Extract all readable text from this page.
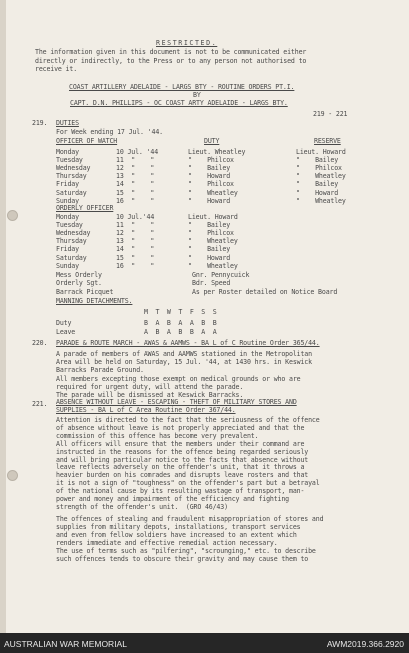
RESTRICTED.
The information given in this document is not to be communicated either
directly or indirectly, to the Press or to any person not authorised to
receive it.
COAST ARTILLERY ADELAIDE - LARGS BTY - ROUTINE ORDERS PT.I.
BY
CAPT. D.N. PHILLIPS - OC COAST ARTY ADELAIDE - LARGS BTY.
219 - 221
219. DUTIES
For Week ending 17 Jul. '44.
OFFICER OF WATCH	DUTY	RESERVE
Monday	10 Jul. '44	Lieut. Wheatley	Lieut. Howard
Tuesday	11  "    "	"    Philcox	"    Bailey
Wednesday	12  "    "	"    Bailey	"    Philcox
Thursday	13  "    "	"    Howard	"    Wheatley
Friday	14  "    "	"    Philcox	"    Bailey
Saturday	15  "    "	"    Wheatley	"    Howard
Sunday	16  "    "	"    Howard	"    Wheatley
ORDERLY OFFICER
Monday	10 Jul.'44	Lieut. Howard
Tuesday	11  "    "	"    Bailey
Wednesday	12  "    "	"    Philcox
Thursday	13  "    "	"    Wheatley
Friday	14  "    "	"    Bailey
Saturday	15  "    "	"    Howard
Sunday	16  "    "	"    Wheatley
Mess Orderly	Gnr. Pennycuick
Orderly Sgt.	Bdr. Speed
Barrack Picquet	As per Roster detailed on Notice Board
MANNING DETACHMENTS.
M  T  W  T  F  S  S
Duty	B  A  B  A  A  B  B
Leave	A  B  A  B  B  A  A
220. PARADE & ROUTE MARCH - AWAS & AAMWS - BA L of C Routine Order 365/44.
A parade of members of AWAS and AAMWS stationed in the Metropolitan
Area will be held on Saturday, 15 Jul. '44, at 1430 hrs. in Keswick
Barracks Parade Ground.
All members excepting those exempt on medical grounds or who are
required for urgent duty, will attend the parade.
The parade will be dismissed at Keswick Barracks.
221. ABSENCE WITHOUT LEAVE - ESCAPING - THEFT OF MILITARY STORES AND
SUPPLIES - BA L of C Area Routine Order 367/44.
Attention is directed to the fact that the seriousness of the offence
of absence without leave is not properly appreciated and that the
commission of this offence has become very prevalent.
All officers will ensure that the members under their command are
instructed in the reasons for the offence being regarded seriously
and will bring particular notice to the facts that absence without
leave reflects adversely on the offender's unit, that it throws a
heavier burden on his comrades and disrupts leave rosters and that
it is not a sign of "toughness" on the offender's part but a betrayal
of the national cause by its resulting wastage of transport, man-
power and money and impairment of the efficiency and fighting
strength of the offender's unit.  (GRO 46/43)
The offences of stealing and fraudulent misappropriation of stores and
supplies from military depots, installations, transport services
and even from fellow soldiers have increased to an extent which
renders immediate and effective remedial action necessary.
The use of terms such as "pilfering", "scrounging," etc. to describe
such offences tends to obscure their gravity and may cause them to
AUSTRALIAN WAR MEMORIAL	AWM2019.366.2920
